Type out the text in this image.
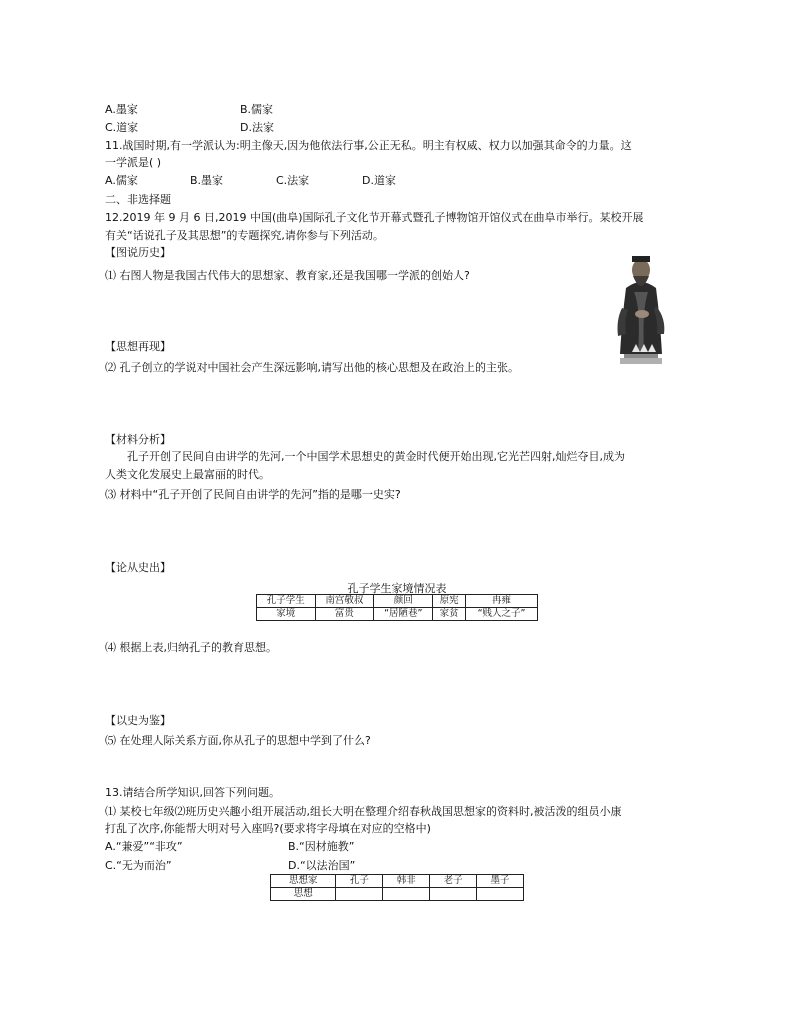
A.墨家	B.儒家
C.道家	D.法家
11.战国时期,有一学派认为:明主像天,因为他依法行事,公正无私。明主有权威、权力以加强其命令的力量。这
一学派是( )
A.儒家	B.墨家	C.法家	D.道家
二、非选择题
12.2019 年 9 月 6 日,2019 中国(曲阜)国际孔子文化节开幕式暨孔子博物馆开馆仪式在曲阜市举行。某校开展
有关“话说孔子及其思想”的专题探究,请你参与下列活动。
【图说历史】
⑴ 右图人物是我国古代伟大的思想家、教育家,还是我国哪一学派的创始人?
【思想再现】
⑵ 孔子创立的学说对中国社会产生深远影响,请写出他的核心思想及在政治上的主张。
【材料分析】
孔子开创了民间自由讲学的先河,一个中国学术思想史的黄金时代便开始出现,它光芒四射,灿烂夺目,成为
人类文化发展史上最富丽的时代。
⑶ 材料中“孔子开创了民间自由讲学的先河”指的是哪一史实?
【论从史出】
孔子学生家境情况表
孔子学生	南宫敬叔	颜回	原宪	冉雍
家境	富贵	“居陋巷”	家贫	“贱人之子”
⑷ 根据上表,归纳孔子的教育思想。
【以史为鉴】
⑸ 在处理人际关系方面,你从孔子的思想中学到了什么?
13.请结合所学知识,回答下列问题。
⑴ 某校七年级⑵班历史兴趣小组开展活动,组长大明在整理介绍春秋战国思想家的资料时,被活泼的组员小康
打乱了次序,你能帮大明对号入座吗?(要求将字母填在对应的空格中)
A.“兼爱”“非攻”	B.“因材施教”
C.“无为而治”	D.“以法治国”
思想家	孔子	韩非	老子	墨子
思想				
